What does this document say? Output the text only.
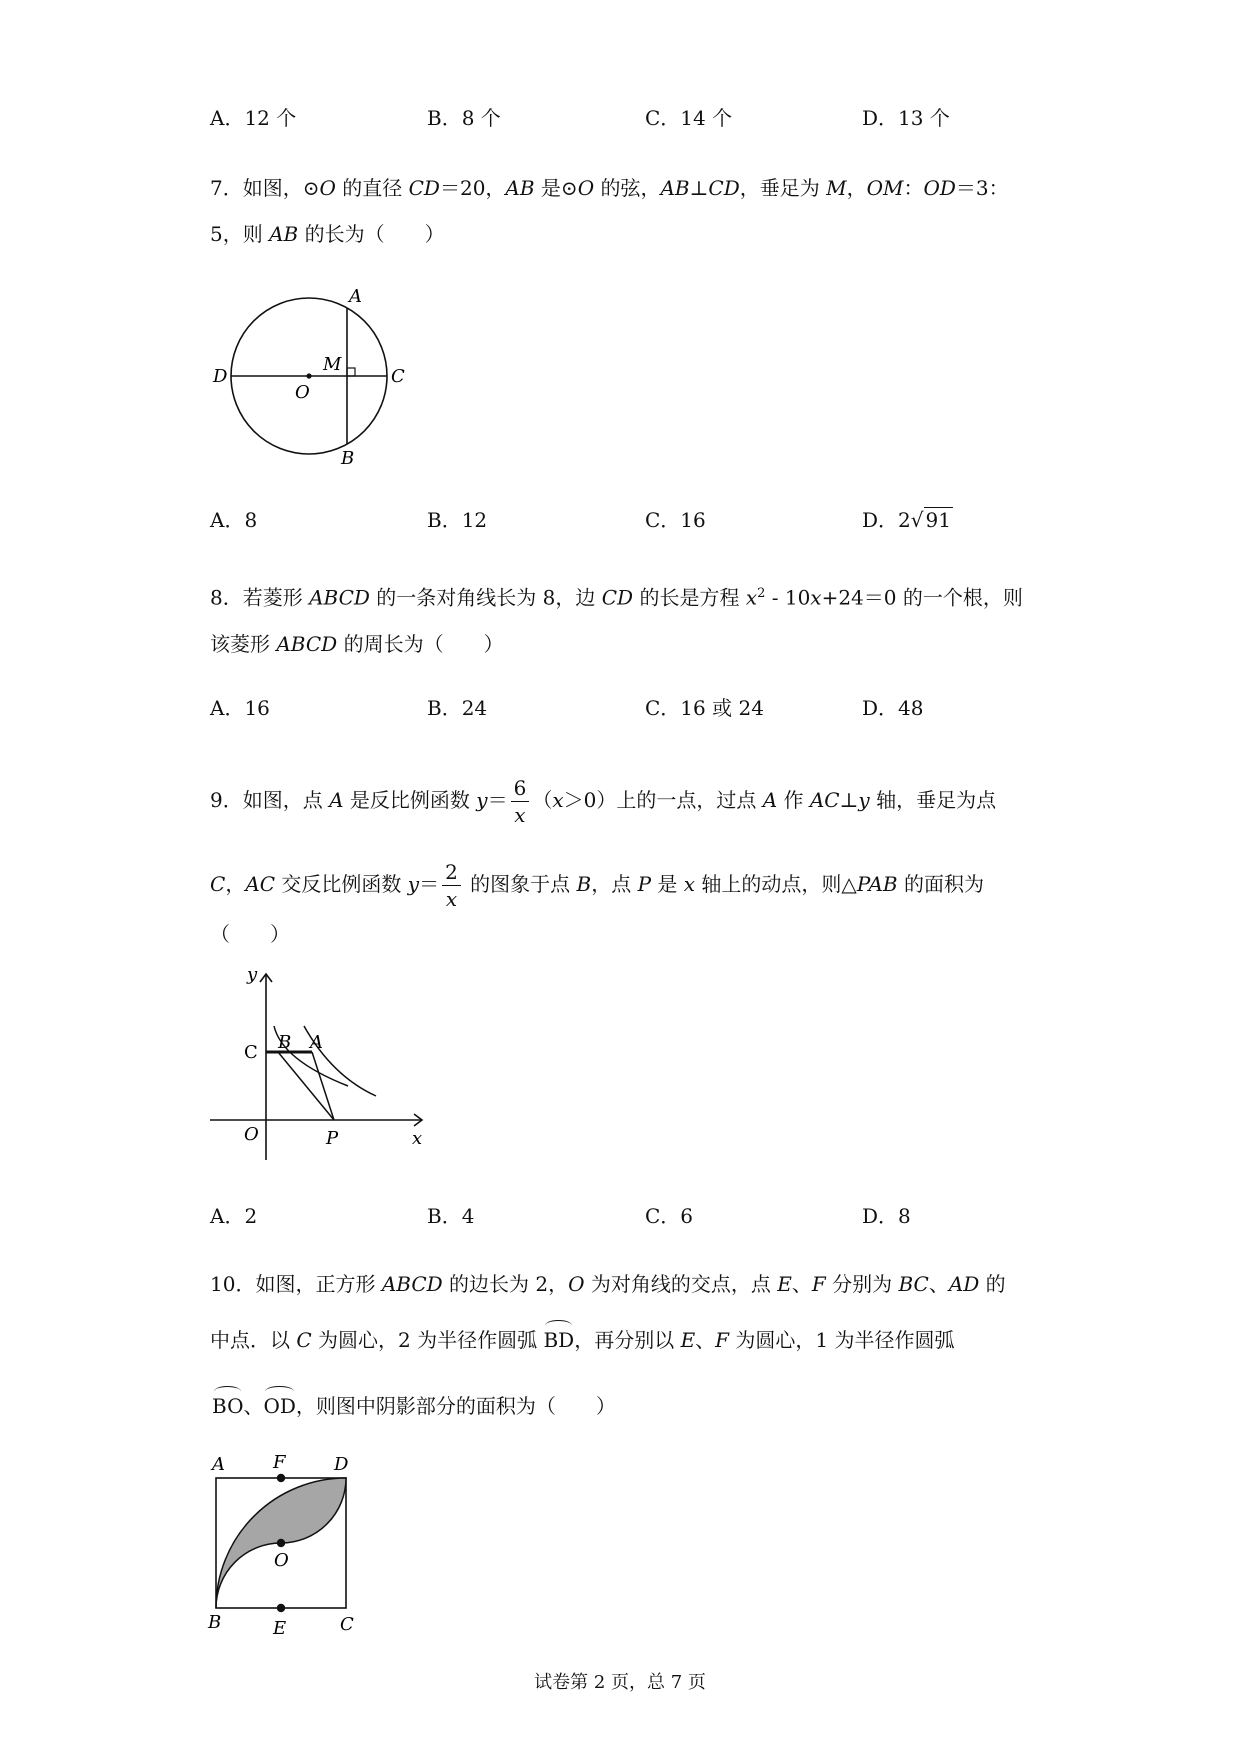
A．12 个	B．8 个	C．14 个	D．13 个
7．如图，⊙O 的直径 CD＝20，AB 是⊙O 的弦，AB⊥CD，垂足为 M，OM：OD＝3：
5，则 AB 的长为（　　）
A
D	C
O
M
B
A．8	B．12	C．16	D．2√ 91
8．若菱形 ABCD 的一条对角线长为 8，边 CD 的长是方程 $x^2 - 10x+24=0$ 的一个根，则
该菱形 ABCD 的周长为（　　）
A．16	B．24	C．16 或 24	D．48
9．如图，点 A 是反比例函数 $y= \frac{6}{x} (x>0)$上的一点，过点 A 作 AC⊥y 轴，垂足为点
C，AC 交反比例函数 $y= \frac{2}{x}$ 的图象于点 B，点 P 是 x 轴上的动点，则△PAB 的面积为
（　　）
y
x
C B A
O	P
A．2	B．4	C．6	D．8
10．如图，正方形 ABCD 的边长为 2，O 为对角线的交点，点 E、F 分别为 BC、AD 的
中点．以 C 为圆心，2 为半径作圆弧 BD，再分别以 E、F 为圆心，1 为半径作圆弧
BO、OD，则图中阴影部分的面积为（　　）
A	F	D
O
B	E	C
试卷第 2 页，总 7 页
